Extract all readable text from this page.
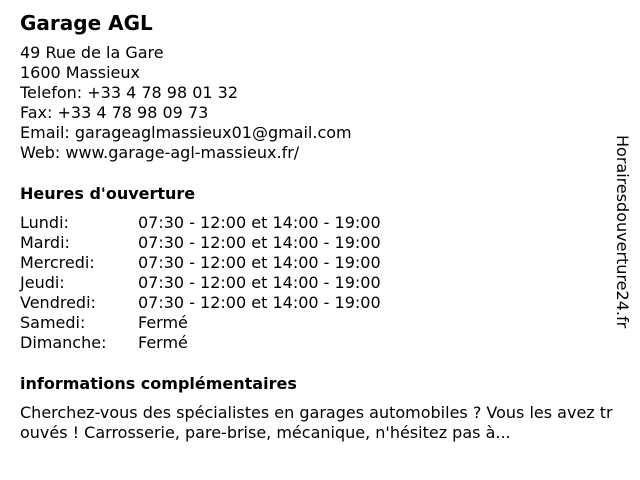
Garage AGL
49 Rue de la Gare
1600 Massieux
Telefon: +33 4 78 98 01 32
Fax: +33 4 78 98 09 73
Email: garageaglmassieux01@gmail.com
Web: www.garage-agl-massieux.fr/
Heures d'ouverture
Lundi:	07:30 - 12:00 et 14:00 - 19:00
Mardi:	07:30 - 12:00 et 14:00 - 19:00
Mercredi:	07:30 - 12:00 et 14:00 - 19:00
Jeudi:	07:30 - 12:00 et 14:00 - 19:00
Vendredi:	07:30 - 12:00 et 14:00 - 19:00
Samedi:	Fermé
Dimanche: Fermé
informations complémentaires
Cherchez-vous des spécialistes en garages automobiles ? Vous les avez trouvés ! Carrosserie, pare-brise, mécanique, n'hésitez pas à...
Horairesdouverture24.fr
